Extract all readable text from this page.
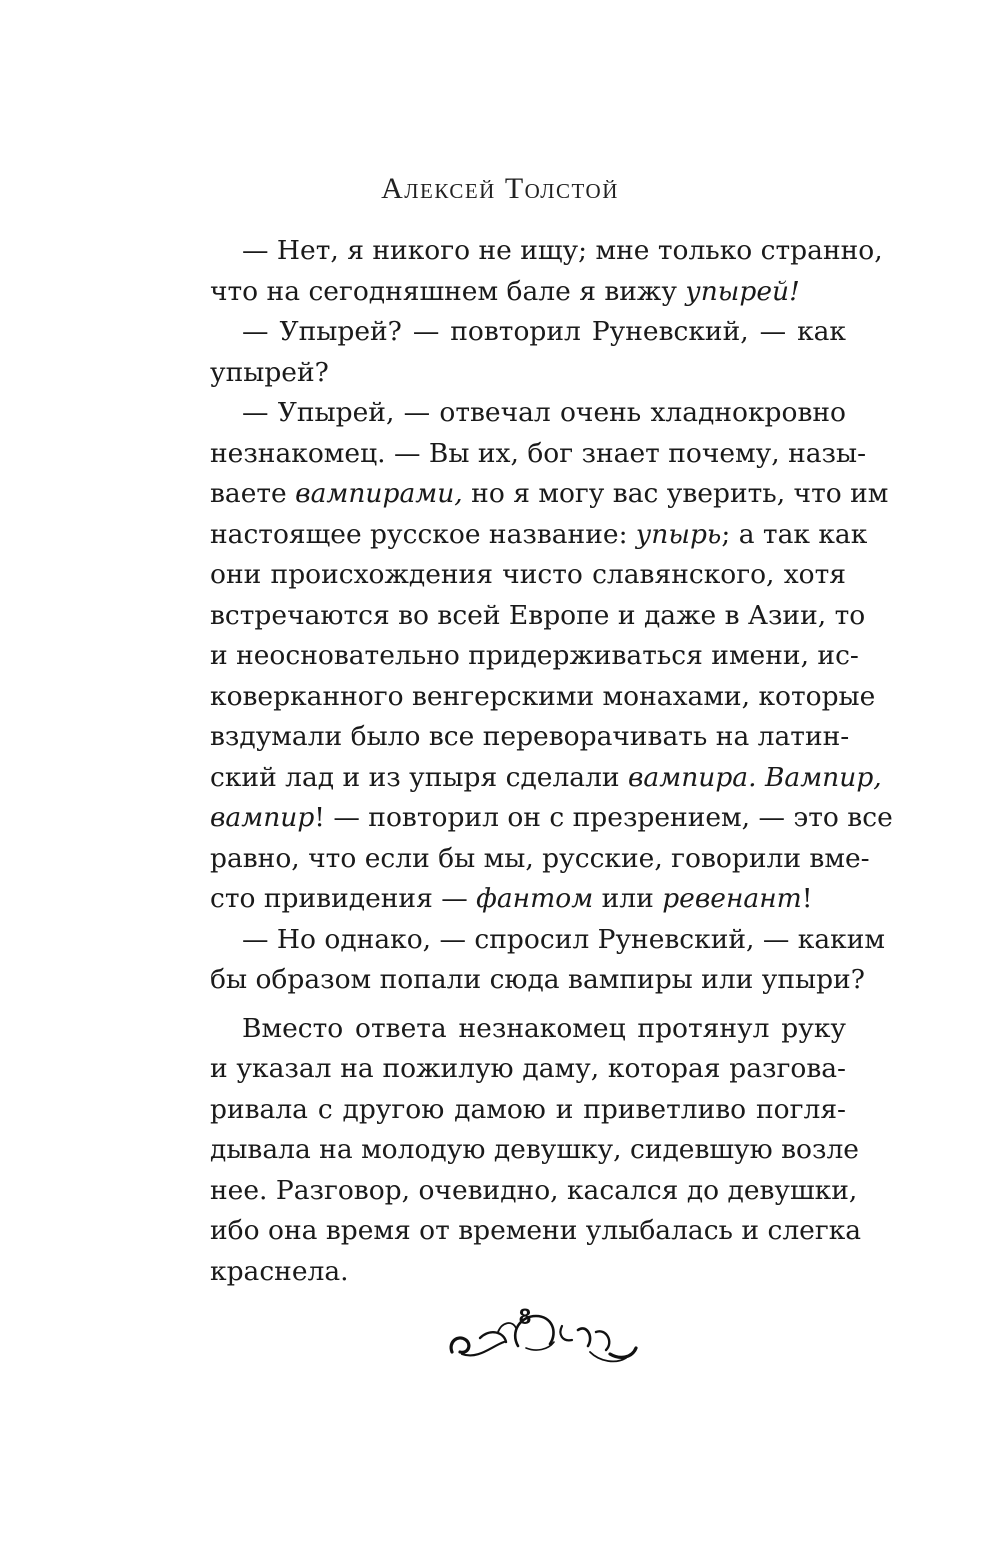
Алексей Толстой
— Нет, я никого не ищу; мне только странно,
что на сегодняшнем бале я вижу упырей!
— Упырей? — повторил Руневский, — как
упырей?
— Упырей, — отвечал очень хладнокровно
незнакомец. — Вы их, бог знает почему, назы-
ваете вампирами, но я могу вас уверить, что им
настоящее русское название: упырь; а так как
они происхождения чисто славянского, хотя
встречаются во всей Европе и даже в Азии, то
и неосновательно придерживаться имени, ис-
коверканного венгерскими монахами, которые
вздумали было все переворачивать на латин-
ский лад и из упыря сделали вампира. Вампир,
вампир! — повторил он с презрением, — это все
равно, что если бы мы, русские, говорили вме-
сто привидения — фантом или ревенант!
— Но однако, — спросил Руневский, — каким
бы образом попали сюда вампиры или упыри?
Вместо ответа незнакомец протянул руку
и указал на пожилую даму, которая разгова-
ривала с другою дамою и приветливо погля-
дывала на молодую девушку, сидевшую возле
нее. Разговор, очевидно, касался до девушки,
ибо она время от времени улыбалась и слегка
краснела.
8
